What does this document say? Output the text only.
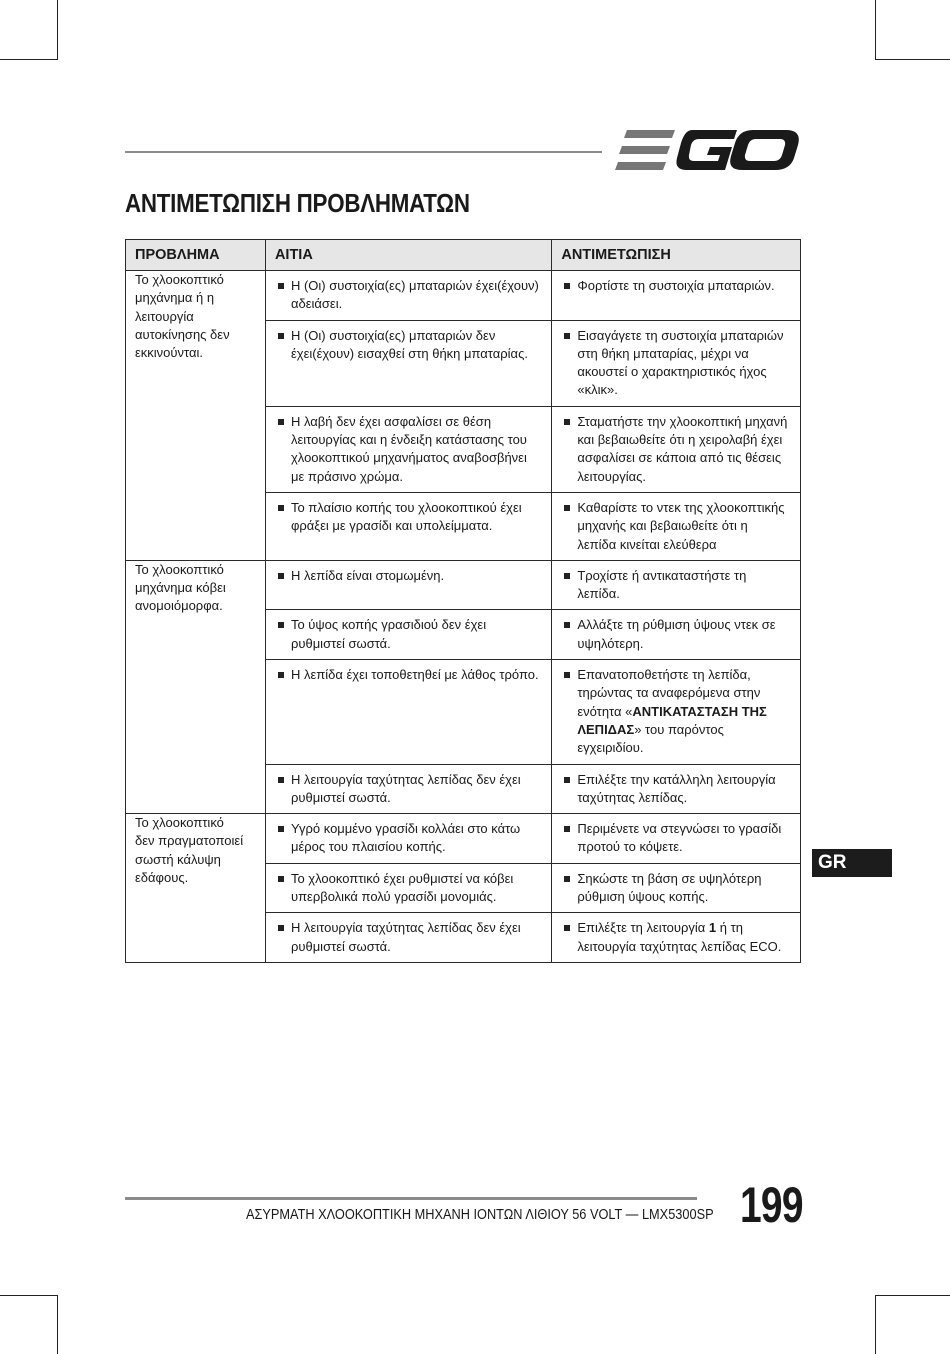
ΑΝΤΙΜΕΤΩΠΙΣΗ ΠΡΟΒΛΗΜΑΤΩΝ
ΠΡΟΒΛΗΜΑ	ΑΙΤΙΑ	ΑΝΤΙΜΕΤΩΠΙΣΗ

Το χλοοκοπτικό μηχάνημα ή η λειτουργία αυτοκίνησης δεν εκκινούνται.	Η (Οι) συστοιχία(ες) μπαταριών έχει(έχουν) αδειάσει.	Φορτίστε τη συστοιχία μπαταριών.

	Η (Οι) συστοιχία(ες) μπαταριών δεν έχει(έχουν) εισαχθεί στη θήκη μπαταρίας.	Εισαγάγετε τη συστοιχία μπαταριών στη θήκη μπαταρίας, μέχρι να ακουστεί ο χαρακτηριστικός ήχος «κλικ».

	Η λαβή δεν έχει ασφαλίσει σε θέση λειτουργίας και η ένδειξη κατάστασης του χλοοκοπτικού μηχανήματος αναβοσβήνει με πράσινο χρώμα.	Σταματήστε την χλοοκοπτική μηχανή και βεβαιωθείτε ότι η χειρολαβή έχει ασφαλίσει σε κάποια από τις θέσεις λειτουργίας.

	Το πλαίσιο κοπής του χλοοκοπτικού έχει φράξει με γρασίδι και υπολείμματα.	Καθαρίστε το ντεκ της χλοοκοπτικής μηχανής και βεβαιωθείτε ότι η λεπίδα κινείται ελεύθερα

Το χλοοκοπτικό μηχάνημα κόβει ανομοιόμορφα.	Η λεπίδα είναι στομωμένη.	Τροχίστε ή αντικαταστήστε τη λεπίδα.

	Το ύψος κοπής γρασιδιού δεν έχει ρυθμιστεί σωστά.	Αλλάξτε τη ρύθμιση ύψους ντεκ σε υψηλότερη.

	Η λεπίδα έχει τοποθετηθεί με λάθος τρόπο.	Επανατοποθετήστε τη λεπίδα, τηρώντας τα αναφερόμενα στην ενότητα «ΑΝΤΙΚΑΤΑΣΤΑΣΗ ΤΗΣ ΛΕΠΙΔΑΣ» του παρόντος εγχειριδίου.

	Η λειτουργία ταχύτητας λεπίδας δεν έχει ρυθμιστεί σωστά.	Επιλέξτε την κατάλληλη λειτουργία ταχύτητας λεπίδας.

Το χλοοκοπτικό δεν πραγματοποιεί σωστή κάλυψη εδάφους.	Υγρό κομμένο γρασίδι κολλάει στο κάτω μέρος του πλαισίου κοπής.	Περιμένετε να στεγνώσει το γρασίδι προτού το κόψετε.

	Το χλοοκοπτικό έχει ρυθμιστεί να κόβει υπερβολικά πολύ γρασίδι μονομιάς.	Σηκώστε τη βάση σε υψηλότερη ρύθμιση ύψους κοπής.

	Η λειτουργία ταχύτητας λεπίδας δεν έχει ρυθμιστεί σωστά.	Επιλέξτε τη λειτουργία 1 ή τη λειτουργία ταχύτητας λεπίδας ECO.
GR
ΑΣΥΡΜΑΤΗ ΧΛΟΟΚΟΠΤΙΚΗ ΜΗΧΑΝΗ ΙΟΝΤΩΝ ΛΙΘΙΟΥ 56 VOLT — LMX5300SP 199
